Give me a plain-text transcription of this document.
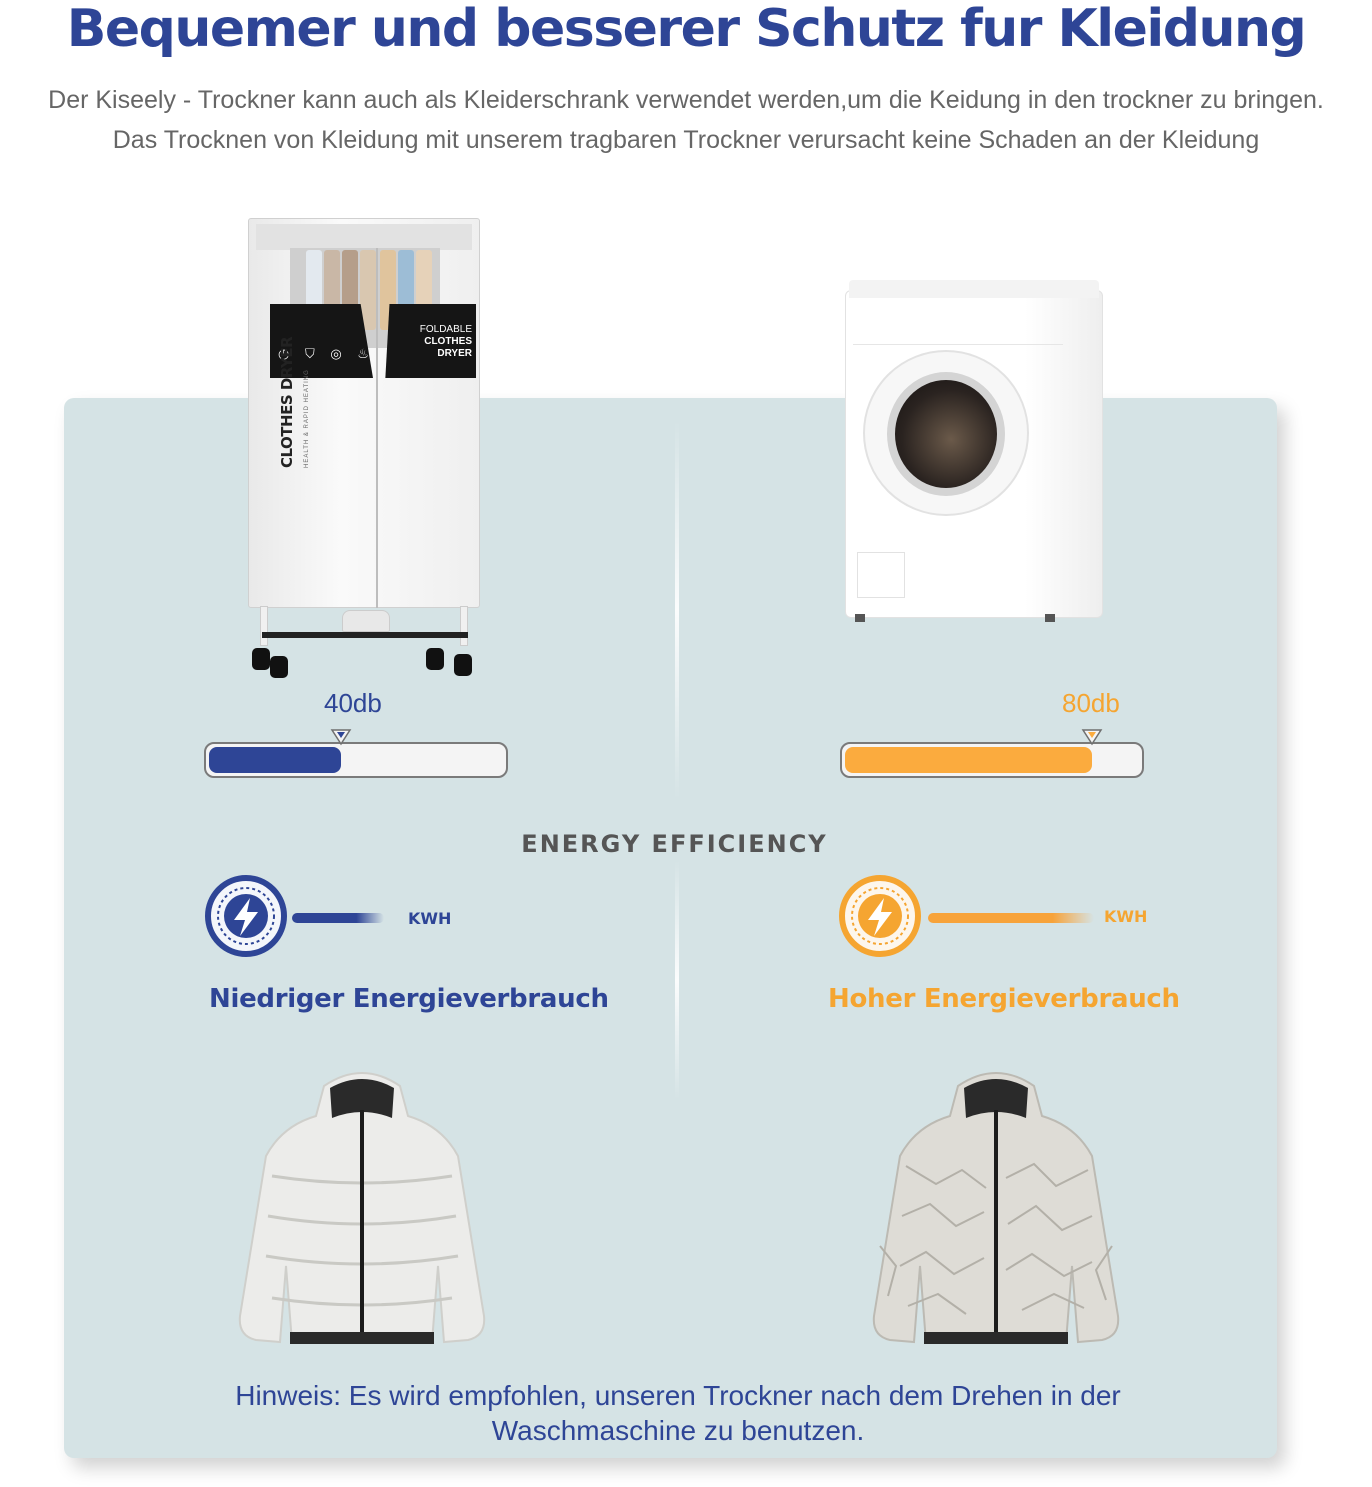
Bequemer und besserer Schutz fur Kleidung
Der Kiseely - Trockner kann auch als Kleiderschrank verwendet werden,um die Keidung in den trockner zu bringen.
Das Trocknen von Kleidung mit unserem tragbaren Trockner verursacht keine Schaden an der Kleidung
FOLDABLE
CLOTHES DRYER
◷ ⛉ ◎ ♨
CLOTHES DRYER HEALTH & RAPID HEATING
40db	80db
ENERGY EFFICIENCY
KWH	KWH
Niedriger Energieverbrauch	Hoher Energieverbrauch
Hinweis: Es wird empfohlen, unseren Trockner nach dem Drehen in der
Waschmaschine zu benutzen.
